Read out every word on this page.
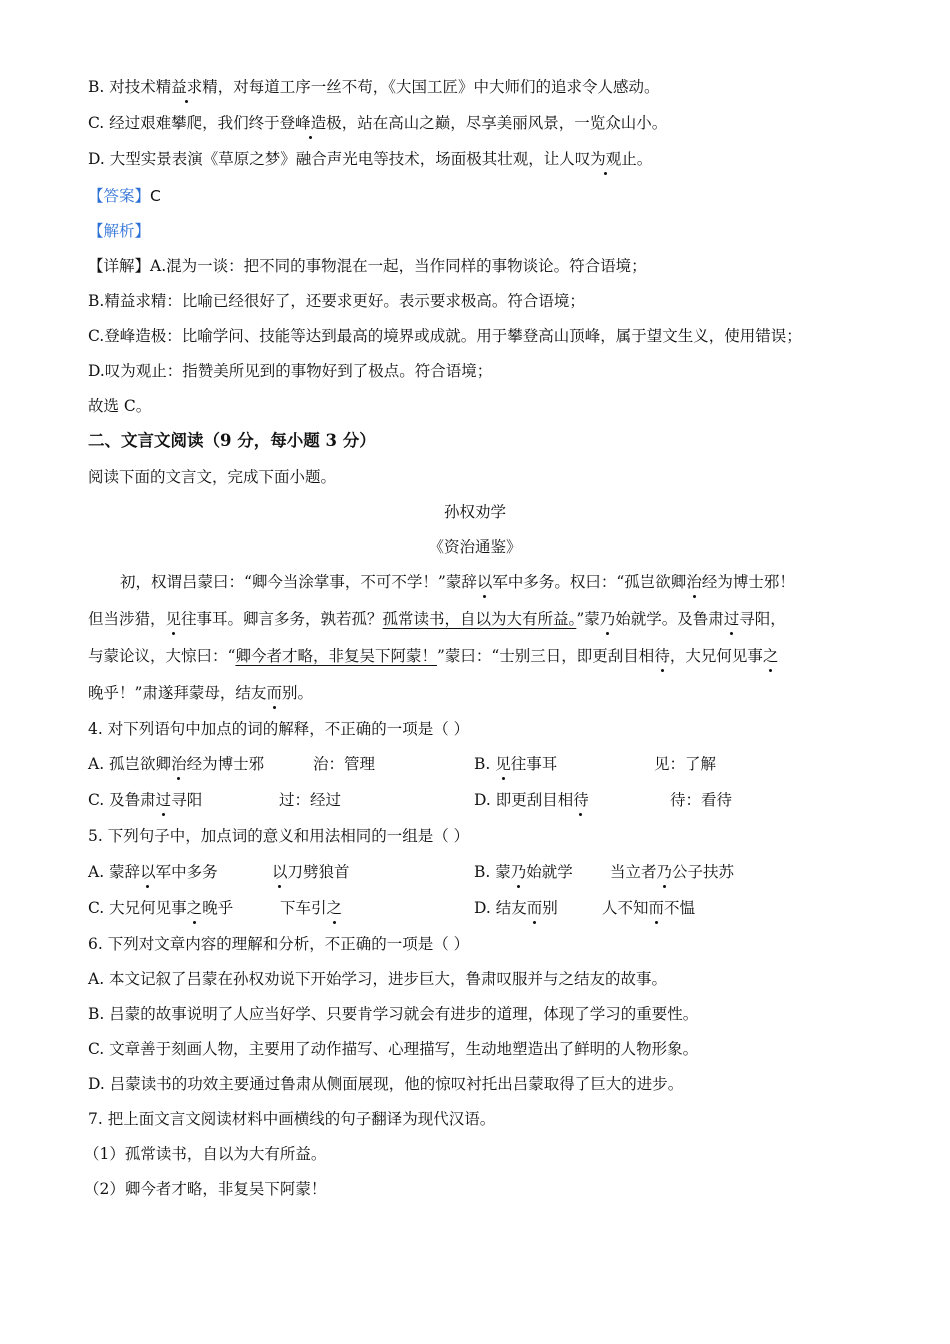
B. 对技术精益求精，对每道工序一丝不苟，《大国工匠》中大师们的追求令人感动。
C. 经过艰难攀爬，我们终于登峰造极，站在高山之巅，尽享美丽风景，一览众山小。
D. 大型实景表演《草原之梦》融合声光电等技术，场面极其壮观，让人叹为观止。
【答案】C
【解析】
【详解】A.混为一谈：把不同的事物混在一起，当作同样的事物谈论。符合语境；
B.精益求精：比喻已经很好了，还要求更好。表示要求极高。符合语境；
C.登峰造极：比喻学问、技能等达到最高的境界或成就。用于攀登高山顶峰，属于望文生义，使用错误；
D.叹为观止：指赞美所见到的事物好到了极点。符合语境；
故选 C。
二、文言文阅读（9 分，每小题 3 分）
阅读下面的文言文，完成下面小题。
孙权劝学
《资治通鉴》
初，权谓吕蒙曰：“卿今当涂掌事，不可不学！”蒙辞以军中多务。权曰：“孤岂欲卿治经为博士邪！
但当涉猎，见往事耳。卿言多务，孰若孤？孤常读书，自以为大有所益。”蒙乃始就学。及鲁肃过寻阳，
与蒙论议，大惊曰：“卿今者才略，非复吴下阿蒙！”蒙曰：“士别三日，即更刮目相待，大兄何见事之
晚乎！”肃遂拜蒙母，结友而别。
4. 对下列语句中加点的词的解释，不正确的一项是（ ）
A. 孤岂欲卿治经为博士邪	治：管理	B. 见往事耳	见：了解
C. 及鲁肃过寻阳	过：经过	D. 即更刮目相待	待：看待
5. 下列句子中，加点词的意义和用法相同的一组是（ ）
A. 蒙辞以军中多务	以刀劈狼首	B. 蒙乃始就学 当立者乃公子扶苏
C. 大兄何见事之晚乎	下车引之	D. 结友而别	人不知而不愠
6. 下列对文章内容的理解和分析，不正确的一项是（ ）
A. 本文记叙了吕蒙在孙权劝说下开始学习，进步巨大，鲁肃叹服并与之结友的故事。
B. 吕蒙的故事说明了人应当好学、只要肯学习就会有进步的道理，体现了学习的重要性。
C. 文章善于刻画人物，主要用了动作描写、心理描写，生动地塑造出了鲜明的人物形象。
D. 吕蒙读书的功效主要通过鲁肃从侧面展现，他的惊叹衬托出吕蒙取得了巨大的进步。
7. 把上面文言文阅读材料中画横线的句子翻译为现代汉语。
（1）孤常读书，自以为大有所益。
（2）卿今者才略，非复吴下阿蒙！
